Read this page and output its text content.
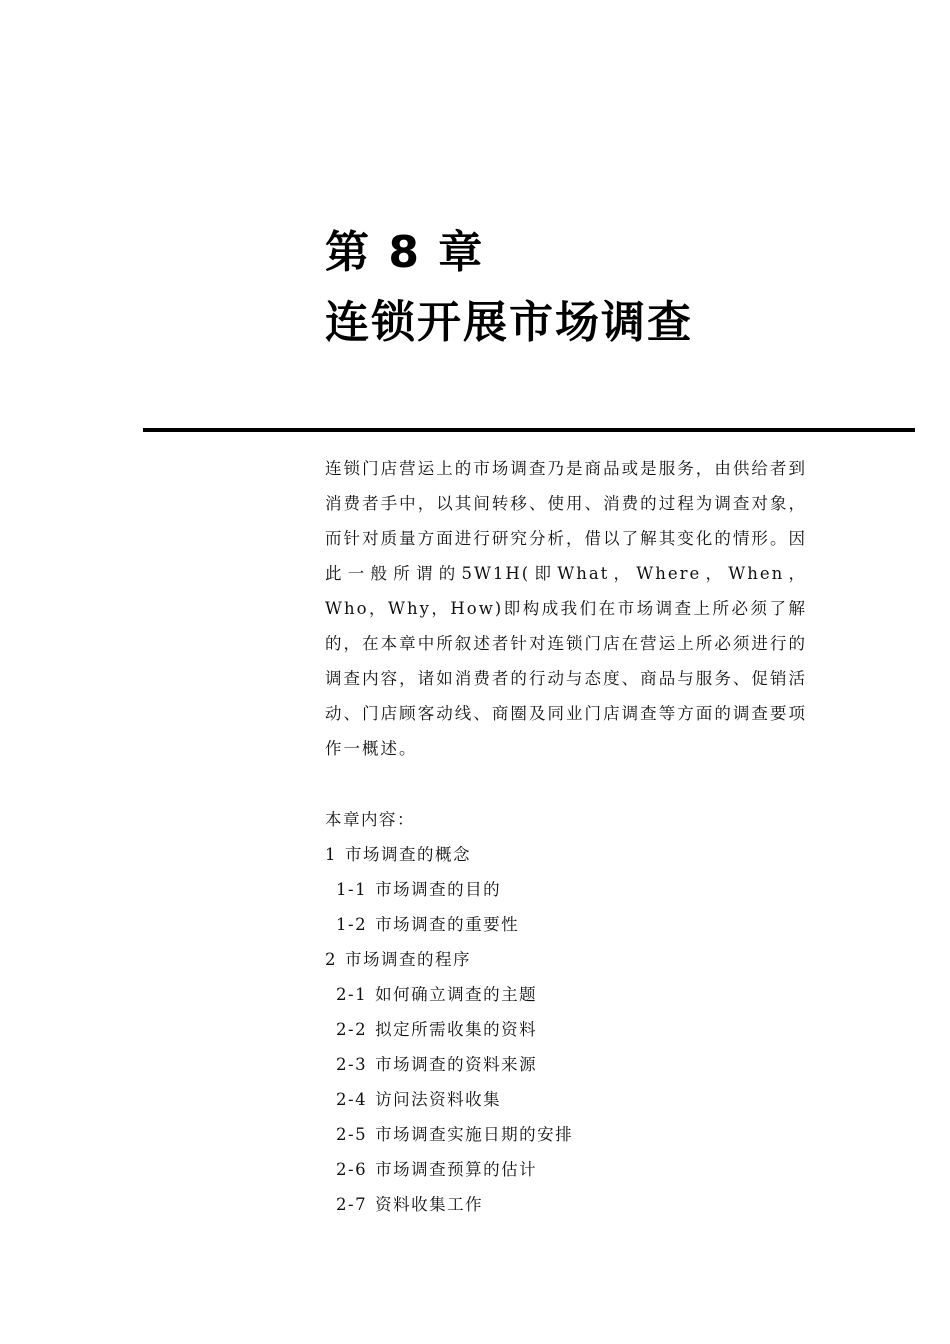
第 8 章
连锁开展市场调查

连锁门店营运上的市场调查乃是商品或是服务，由供给者到消费者手中，以其间转移、使用、消费的过程为调查对象，而针对质量方面进行研究分析，借以了解其变化的情形。因此一般所谓的5W1H(即What，Where，When，Who，Why，How)即构成我们在市场调查上所必须了解的，在本章中所叙述者针对连锁门店在营运上所必须进行的调查内容，诸如消费者的行动与态度、商品与服务、促销活动、门店顾客动线、商圈及同业门店调查等方面的调查要项作一概述。

本章内容：
1 市场调查的概念
1-1 市场调查的目的
1-2 市场调查的重要性
2 市场调查的程序
2-1 如何确立调查的主题
2-2 拟定所需收集的资料
2-3 市场调查的资料来源
2-4 访问法资料收集
2-5 市场调查实施日期的安排
2-6 市场调查预算的估计
2-7 资料收集工作
